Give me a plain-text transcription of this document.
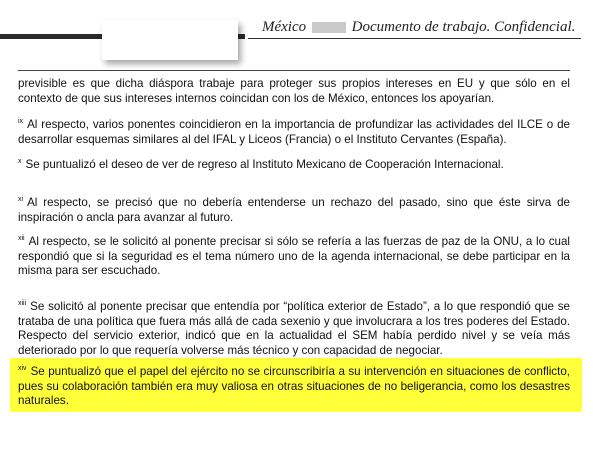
México	Documento de trabajo. Confidencial.

previsible es que dicha diáspora trabaje para proteger sus propios intereses en EU y que sólo en el contexto de que sus intereses internos coincidan con los de México, entonces los apoyarían.

$^{ix}$ Al respecto, varios ponentes coincidieron en la importancia de profundizar las actividades del ILCE o de desarrollar esquemas similares al del IFAL y Liceos (Francia) o el Instituto Cervantes (España).

$^x$ Se puntualizó el deseo de ver de regreso al Instituto Mexicano de Cooperación Internacional.

$^{xi}$ Al respecto, se precisó que no debería entenderse un rechazo del pasado, sino que éste sirva de inspiración o ancla para avanzar al futuro.

$^{xii}$ Al respecto, se le solicitó al ponente precisar si sólo se refería a las fuerzas de paz de la ONU, a lo cual respondió que si la seguridad es el tema número uno de la agenda internacional, se debe participar en la misma para ser escuchado.

$^{xiii}$ Se solicitó al ponente precisar que entendía por “política exterior de Estado”, a lo que respondió que se trataba de una política que fuera más allá de cada sexenio y que involucrara a los tres poderes del Estado. Respecto del servicio exterior, indicó que en la actualidad el SEM había perdido nivel y se veía más deteriorado por lo que requería volverse más técnico y con capacidad de negociar.

$^{xiv}$ Se puntualizó que el papel del ejército no se circunscribiría a su intervención en situaciones de conflicto, pues su colaboración también era muy valiosa en otras situaciones de no beligerancia, como los desastres naturales.
